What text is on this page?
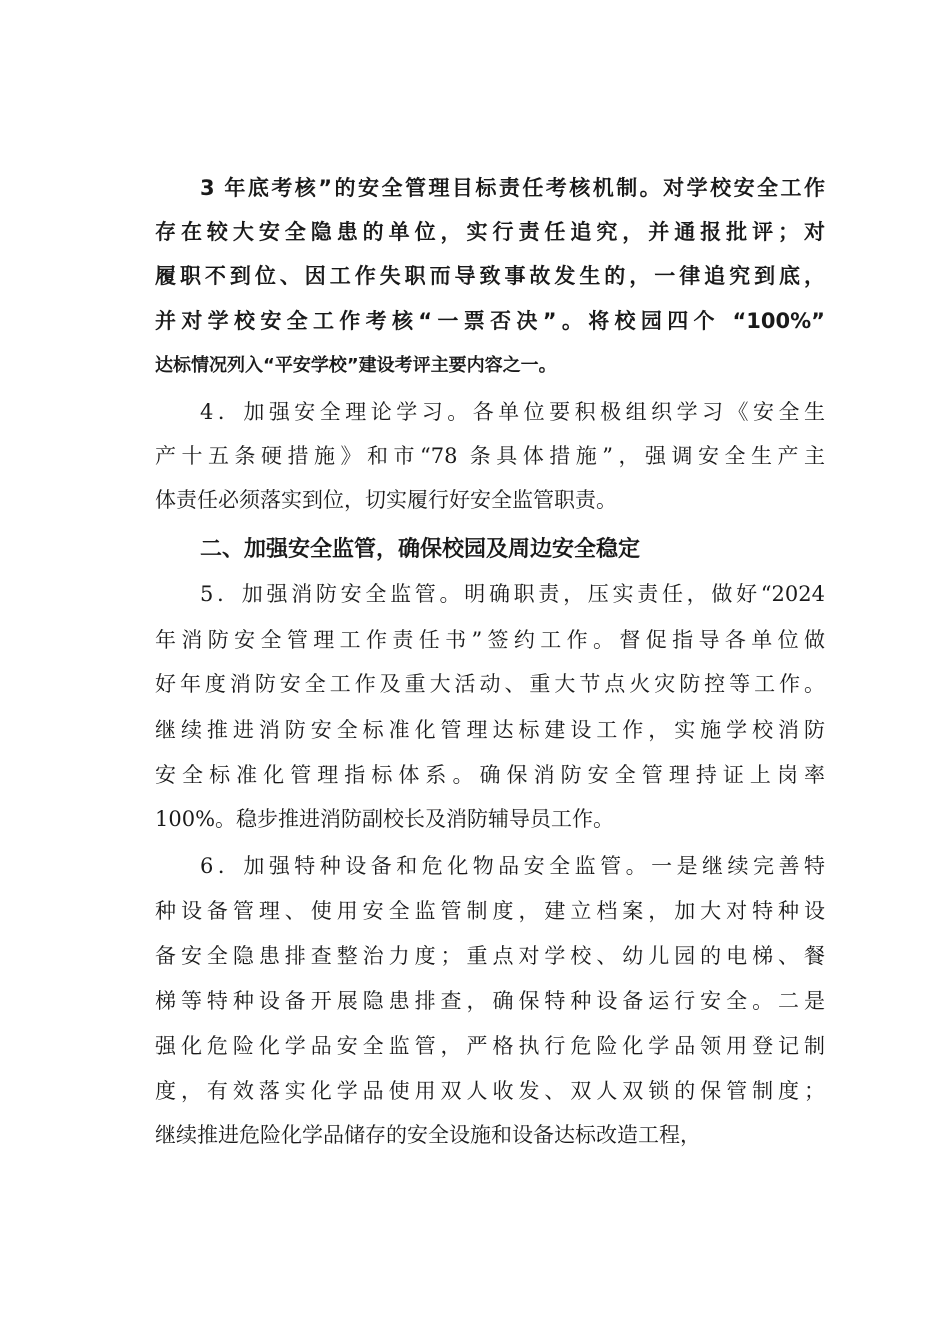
3 年底考核”的安全管理目标责任考核机制。对学校安全工作
存在较大安全隐患的单位，实行责任追究，并通报批评；对
履职不到位、因工作失职而导致事故发生的，一律追究到底，
并对学校安全工作考核“一票否决”。将校园四个 “100%”
达标情况列入“平安学校”建设考评主要内容之一。
4．加强安全理论学习。各单位要积极组织学习《安全生
产十五条硬措施》和市“78 条具体措施”，强调安全生产主
体责任必须落实到位，切实履行好安全监管职责。
二、加强安全监管，确保校园及周边安全稳定
5．加强消防安全监管。明确职责，压实责任，做好“2024
年消防安全管理工作责任书”签约工作。督促指导各单位做
好年度消防安全工作及重大活动、重大节点火灾防控等工作。
继续推进消防安全标准化管理达标建设工作，实施学校消防
安全标准化管理指标体系。确保消防安全管理持证上岗率
100%。稳步推进消防副校长及消防辅导员工作。
6．加强特种设备和危化物品安全监管。一是继续完善特
种设备管理、使用安全监管制度，建立档案，加大对特种设
备安全隐患排查整治力度；重点对学校、幼儿园的电梯、餐
梯等特种设备开展隐患排查，确保特种设备运行安全。二是
强化危险化学品安全监管，严格执行危险化学品领用登记制
度，有效落实化学品使用双人收发、双人双锁的保管制度；
继续推进危险化学品储存的安全设施和设备达标改造工程，
